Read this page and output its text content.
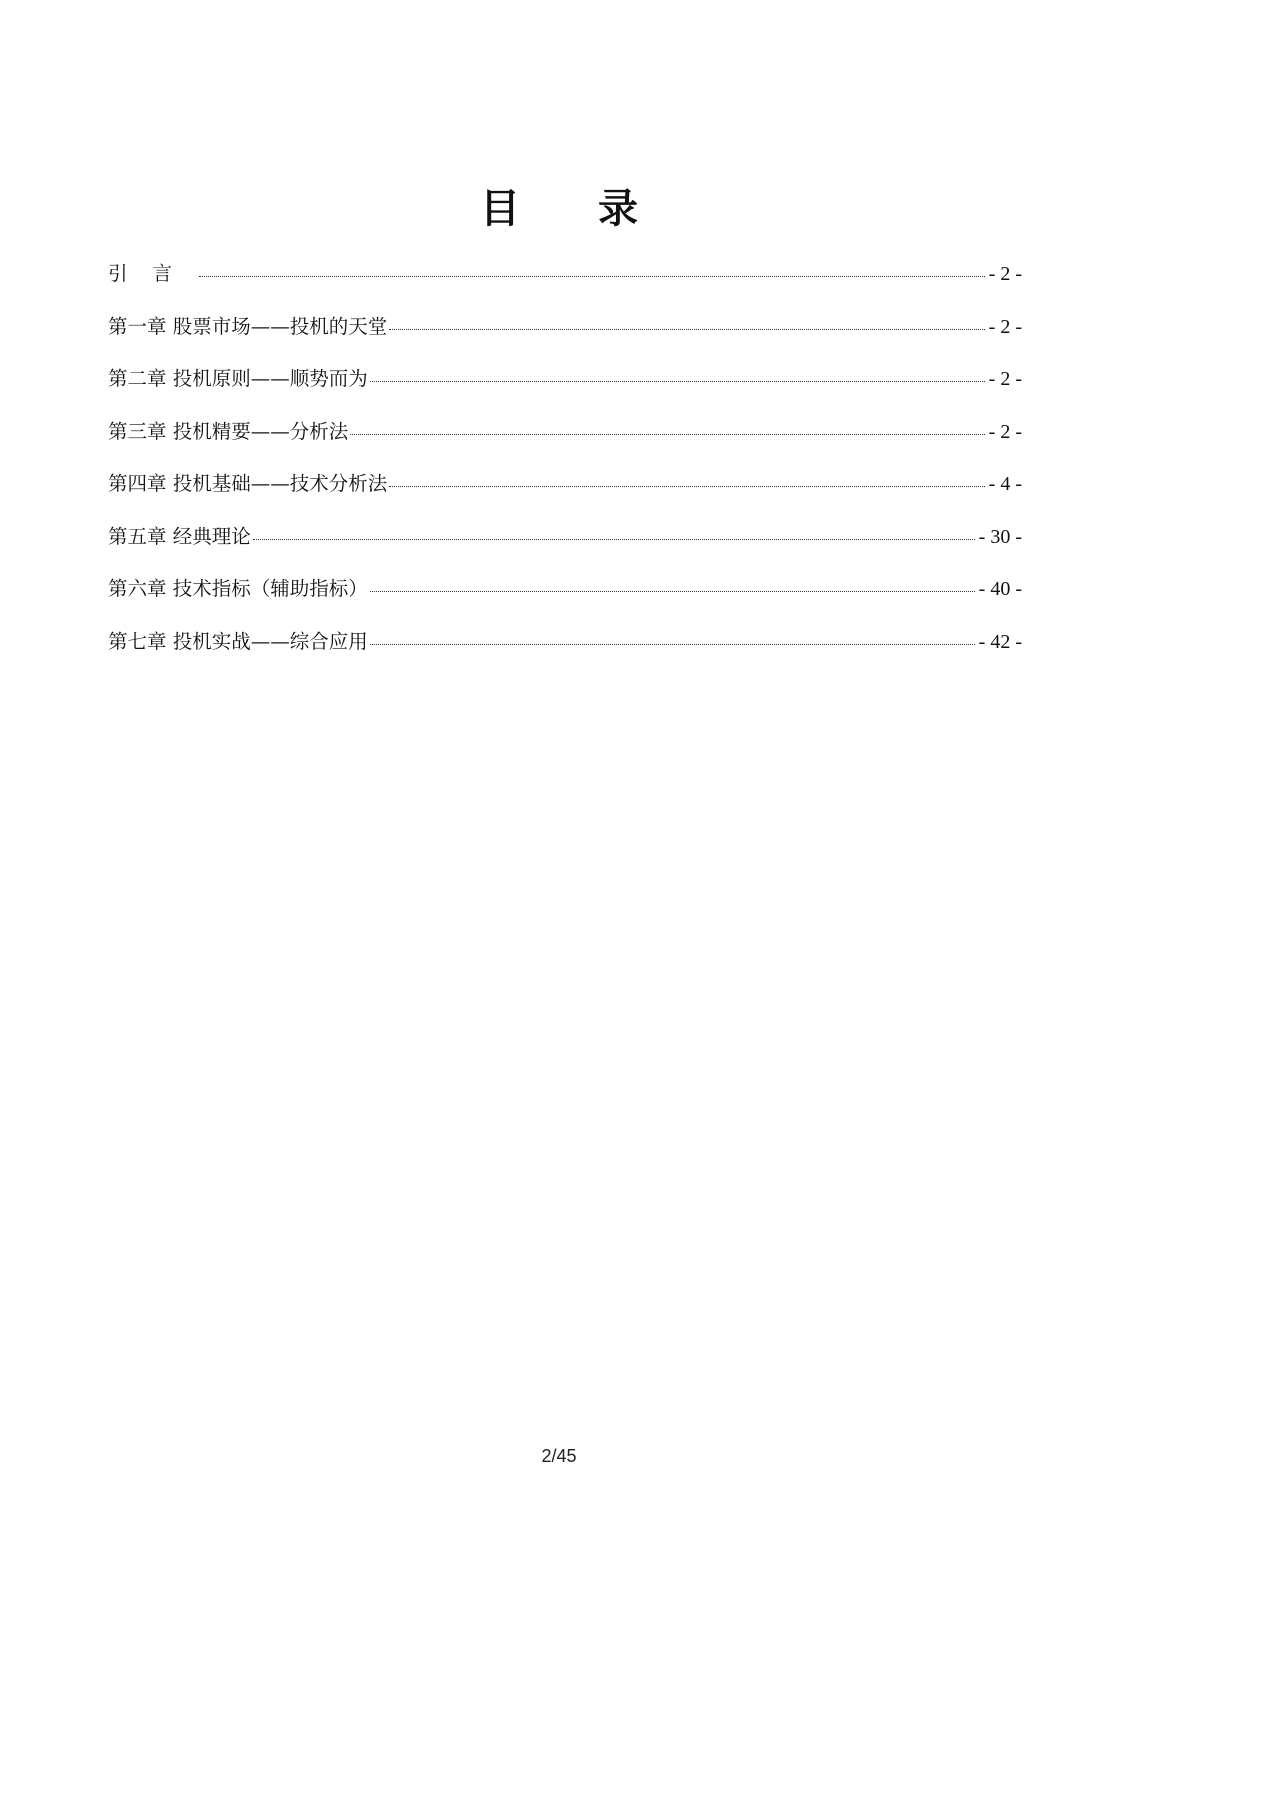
目录
引言	- 2 -
第一章 股票市场——投机的天堂	- 2 -
第二章 投机原则——顺势而为	- 2 -
第三章 投机精要——分析法	- 2 -
第四章 投机基础——技术分析法	- 4 -
第五章 经典理论	- 30 -
第六章 技术指标（辅助指标）	- 40 -
第七章 投机实战——综合应用	- 42 -
2/45
